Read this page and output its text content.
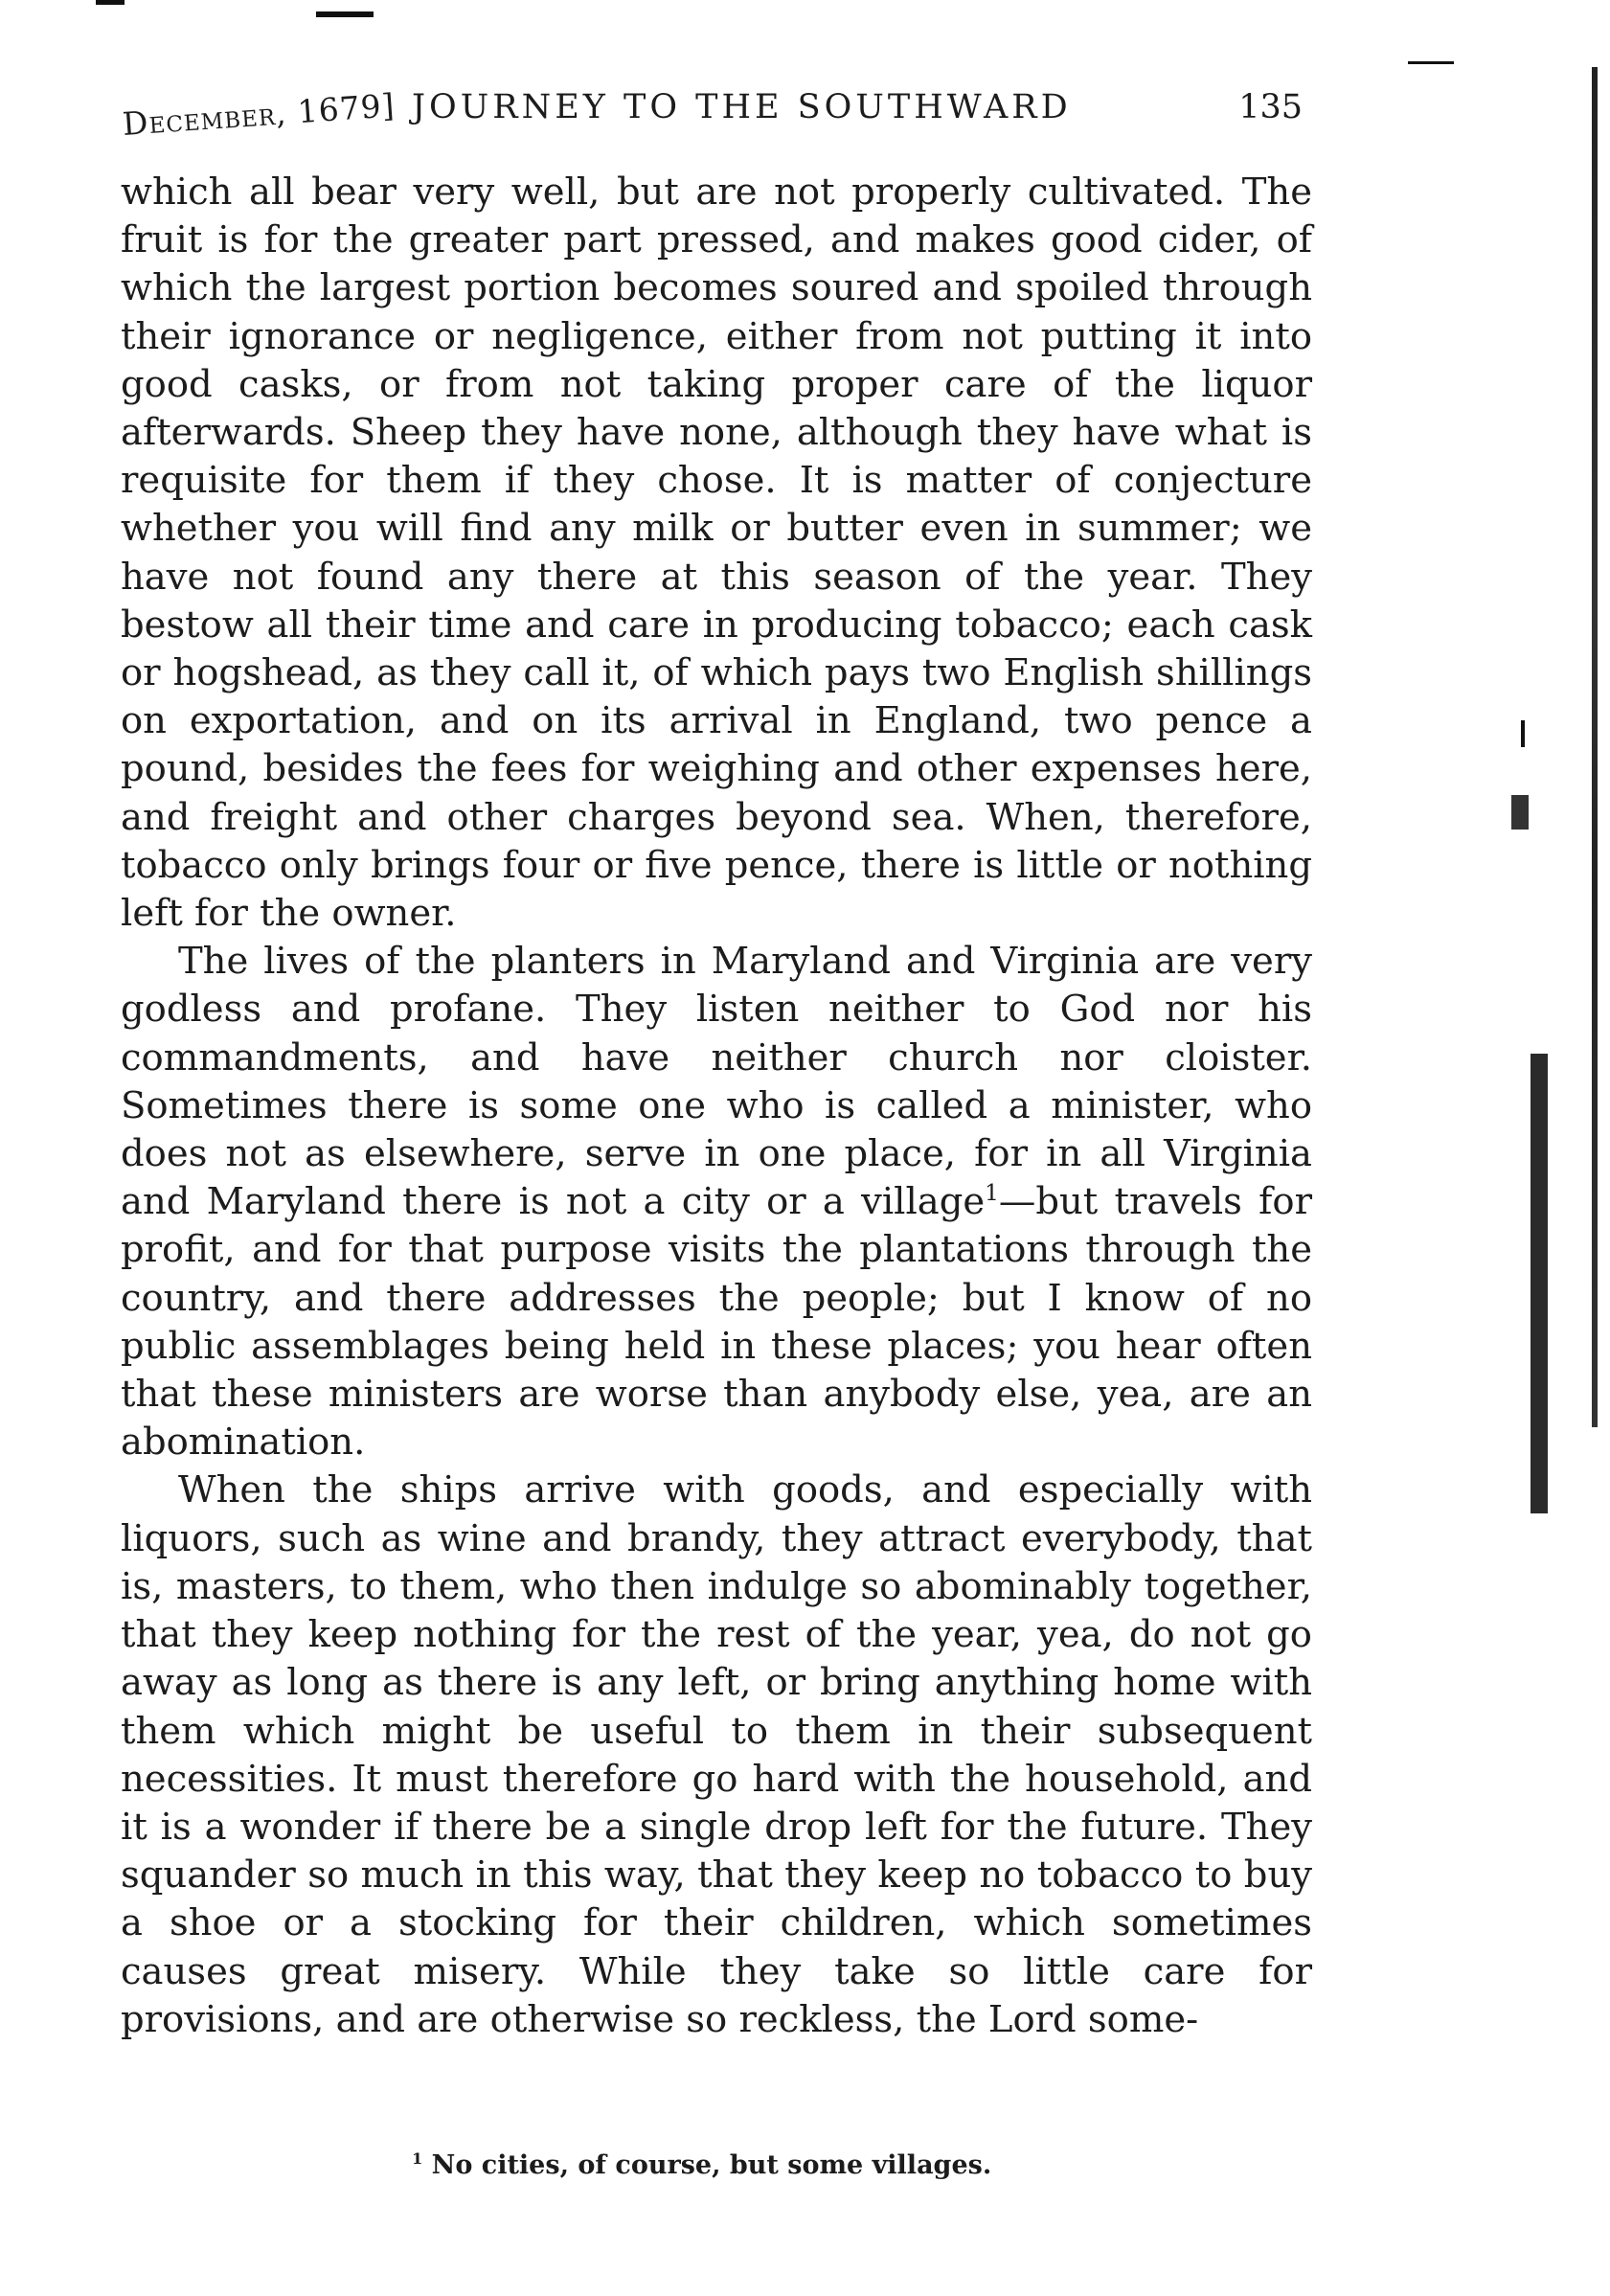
December, 1679] JOURNEY TO THE SOUTHWARD	135

which all bear very well, but are not properly cultivated. The fruit is for the greater part pressed, and makes good cider, of which the largest portion becomes soured and spoiled through their ignorance or negligence, either from not putting it into good casks, or from not taking proper care of the liquor afterwards. Sheep they have none, although they have what is requisite for them if they chose. It is matter of conjecture whether you will find any milk or butter even in summer; we have not found any there at this season of the year. They bestow all their time and care in producing tobacco; each cask or hogshead, as they call it, of which pays two English shillings on exportation, and on its arrival in England, two pence a pound, besides the fees for weighing and other expenses here, and freight and other charges beyond sea. When, therefore, tobacco only brings four or five pence, there is little or nothing left for the owner.

The lives of the planters in Maryland and Virginia are very godless and profane. They listen neither to God nor his commandments, and have neither church nor cloister. Sometimes there is some one who is called a minister, who does not as elsewhere, serve in one place, for in all Virginia and Maryland there is not a city or a village$^1$—but travels for profit, and for that purpose visits the plantations through the country, and there addresses the people; but I know of no public assemblages being held in these places; you hear often that these ministers are worse than anybody else, yea, are an abomination.

When the ships arrive with goods, and especially with liquors, such as wine and brandy, they attract everybody, that is, masters, to them, who then indulge so abominably together, that they keep nothing for the rest of the year, yea, do not go away as long as there is any left, or bring anything home with them which might be useful to them in their subsequent necessities. It must therefore go hard with the household, and it is a wonder if there be a single drop left for the future. They squander so much in this way, that they keep no tobacco to buy a shoe or a stocking for their children, which sometimes causes great misery. While they take so little care for provisions, and are otherwise so reckless, the Lord some-

$^1$ No cities, of course, but some villages.
